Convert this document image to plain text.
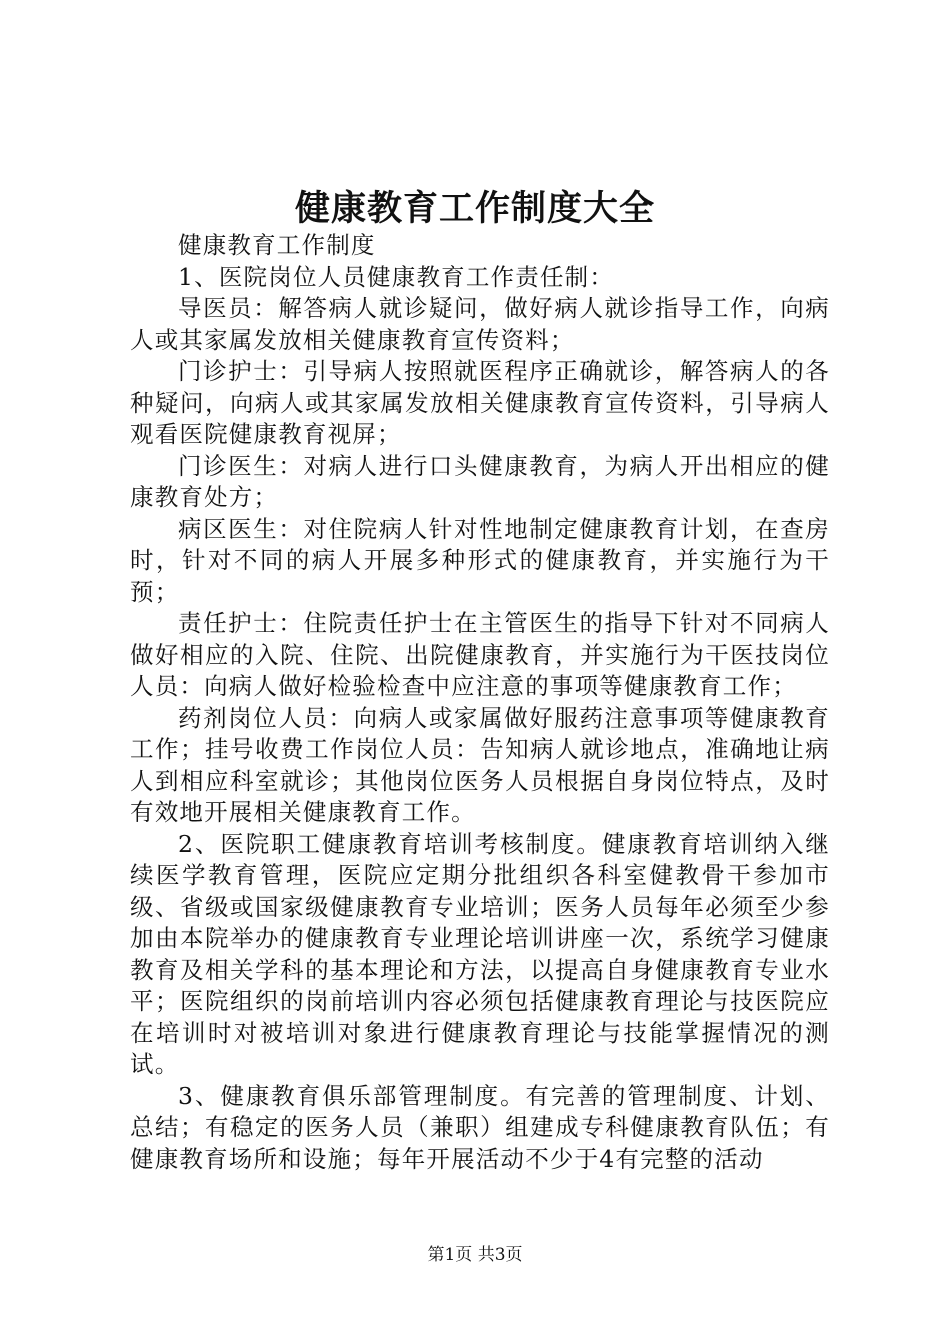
健康教育工作制度大全

健康教育工作制度

1、医院岗位人员健康教育工作责任制：

导医员：解答病人就诊疑问，做好病人就诊指导工作，向病人或其家属发放相关健康教育宣传资料；

门诊护士：引导病人按照就医程序正确就诊，解答病人的各种疑问，向病人或其家属发放相关健康教育宣传资料，引导病人观看医院健康教育视屏；

门诊医生：对病人进行口头健康教育，为病人开出相应的健康教育处方；

病区医生：对住院病人针对性地制定健康教育计划，在查房时，针对不同的病人开展多种形式的健康教育，并实施行为干预；

责任护士：住院责任护士在主管医生的指导下针对不同病人做好相应的入院、住院、出院健康教育，并实施行为干医技岗位人员：向病人做好检验检查中应注意的事项等健康教育工作；

药剂岗位人员：向病人或家属做好服药注意事项等健康教育工作；挂号收费工作岗位人员：告知病人就诊地点，准确地让病人到相应科室就诊；其他岗位医务人员根据自身岗位特点，及时有效地开展相关健康教育工作。

2、医院职工健康教育培训考核制度。健康教育培训纳入继续医学教育管理，医院应定期分批组织各科室健教骨干参加市级、省级或国家级健康教育专业培训；医务人员每年必须至少参加由本院举办的健康教育专业理论培训讲座一次，系统学习健康教育及相关学科的基本理论和方法，以提高自身健康教育专业水平；医院组织的岗前培训内容必须包括健康教育理论与技医院应在培训时对被培训对象进行健康教育理论与技能掌握情况的测试。

3、健康教育俱乐部管理制度。有完善的管理制度、计划、总结；有稳定的医务人员（兼职）组建成专科健康教育队伍；有健康教育场所和设施；每年开展活动不少于4有完整的活动

第1页 共3页
